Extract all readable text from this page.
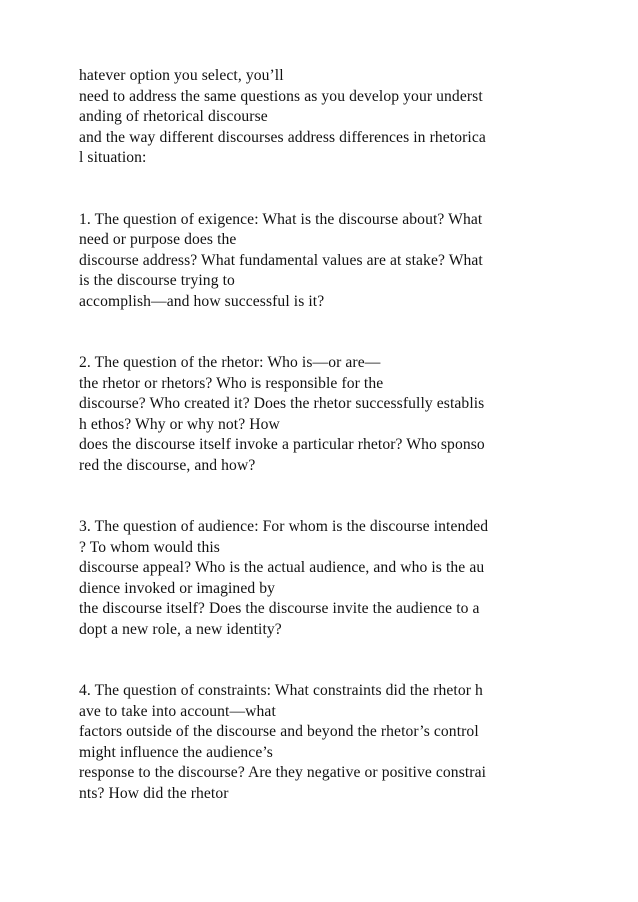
hatever option you select, you’ll
need to address the same questions as you develop your underst
anding of rhetorical discourse
and the way different discourses address differences in rhetorica
l situation:
1. The question of exigence: What is the discourse about? What
need or purpose does the
discourse address? What fundamental values are at stake? What
is the discourse trying to
accomplish—and how successful is it?
2. The question of the rhetor: Who is—or are—
the rhetor or rhetors? Who is responsible for the
discourse? Who created it? Does the rhetor successfully establis
h ethos? Why or why not? How
does the discourse itself invoke a particular rhetor? Who sponso
red the discourse, and how?
3. The question of audience: For whom is the discourse intended
? To whom would this
discourse appeal? Who is the actual audience, and who is the au
dience invoked or imagined by
the discourse itself? Does the discourse invite the audience to a
dopt a new role, a new identity?
4. The question of constraints: What constraints did the rhetor h
ave to take into account—what
factors outside of the discourse and beyond the rhetor’s control
might influence the audience’s
response to the discourse? Are they negative or positive constrai
nts? How did the rhetor
